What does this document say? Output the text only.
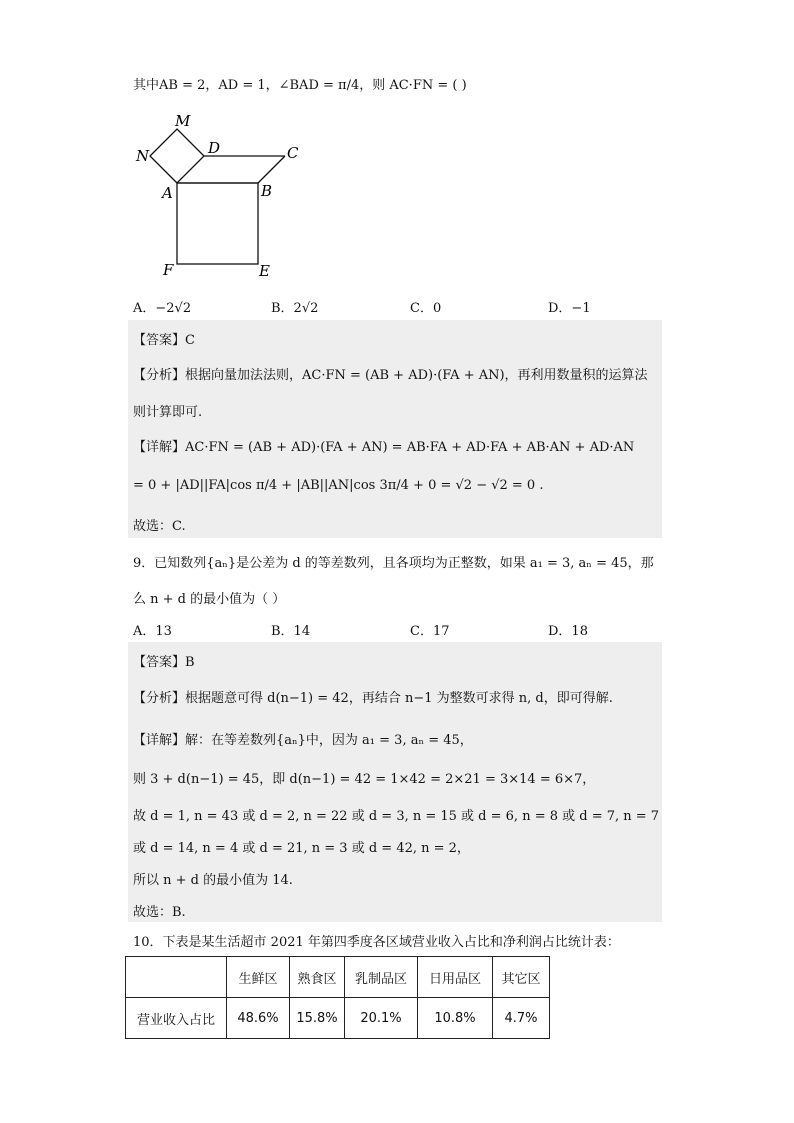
其中AB = 2，AD = 1，∠BAD = π/4，则 AC·FN = ( )
M
N	D	C
A	B
F	E
A．−2√2	B．2√2	C．0	D．−1
【答案】C
【分析】根据向量加法法则，AC·FN = (AB + AD)·(FA + AN)，再利用数量积的运算法
则计算即可.
【详解】AC·FN = (AB + AD)·(FA + AN) = AB·FA + AD·FA + AB·AN + AD·AN
= 0 + |AD||FA|cos π/4 + |AB||AN|cos 3π/4 + 0 = √2 − √2 = 0 .
故选：C.
9．已知数列{aₙ}是公差为 d 的等差数列，且各项均为正整数，如果 a₁ = 3, aₙ = 45，那
么 n + d 的最小值为（ ）
A．13	B．14	C．17	D．18
【答案】B
【分析】根据题意可得 d(n−1) = 42，再结合 n−1 为整数可求得 n, d，即可得解.
【详解】解：在等差数列{aₙ}中，因为 a₁ = 3, aₙ = 45，
则 3 + d(n−1) = 45，即 d(n−1) = 42 = 1×42 = 2×21 = 3×14 = 6×7，
故 d = 1, n = 43 或 d = 2, n = 22 或 d = 3, n = 15 或 d = 6, n = 8 或 d = 7, n = 7
或 d = 14, n = 4 或 d = 21, n = 3 或 d = 42, n = 2，
所以 n + d 的最小值为 14.
故选：B.
10．下表是某生活超市 2021 年第四季度各区域营业收入占比和净利润占比统计表：
	生鲜区	熟食区	乳制品区	日用品区	其它区
营业收入占比	48.6%	15.8%	20.1%	10.8%	4.7%
